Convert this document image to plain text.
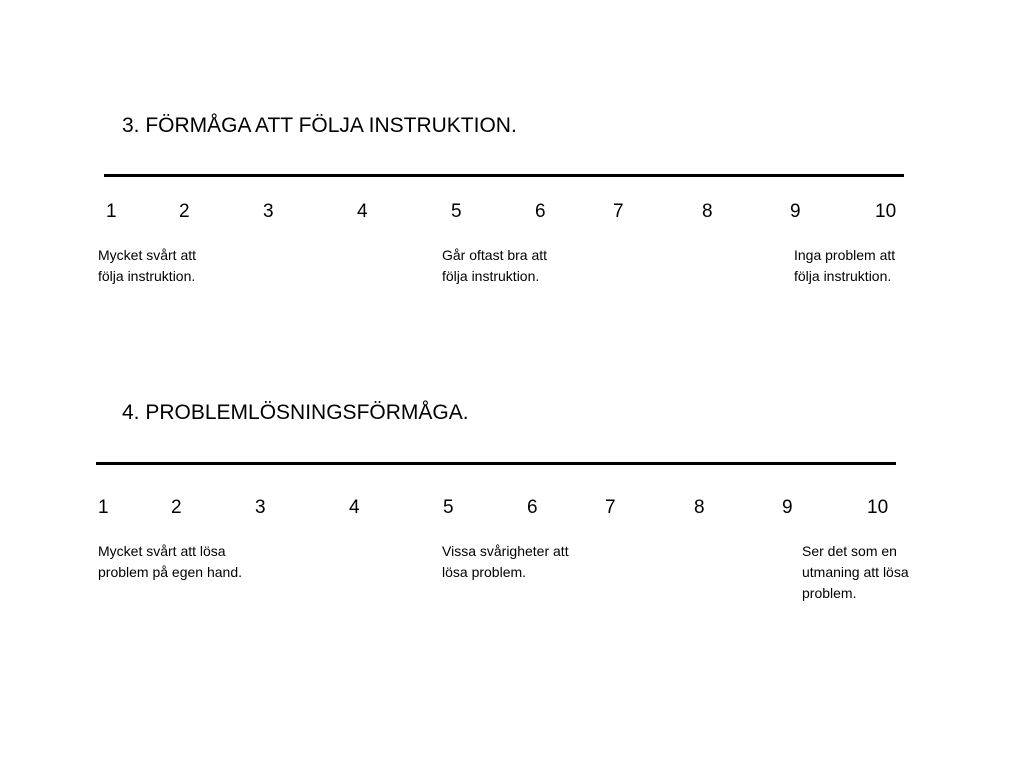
3. FÖRMÅGA ATT FÖLJA INSTRUKTION.
1	2	3	4	5	6	7	8	9	10
Mycket svårt att
följa instruktion.
Går oftast bra att
följa instruktion.
Inga problem att
följa instruktion.
4. PROBLEMLÖSNINGSFÖRMÅGA.
1	2	3	4	5	6	7	8	9	10
Mycket svårt att lösa
problem på egen hand.
Vissa svårigheter att
lösa problem.
Ser det som en
utmaning att lösa
problem.
